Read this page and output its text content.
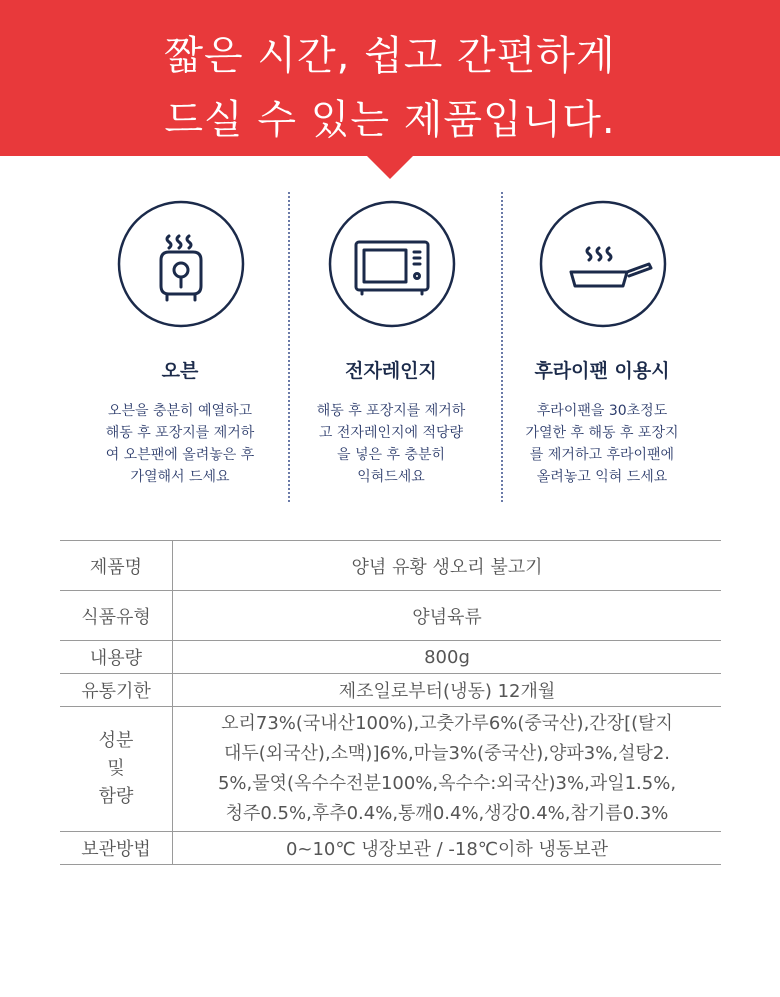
짧은 시간, 쉽고 간편하게
드실 수 있는 제품입니다.
오븐
오븐을 충분히 예열하고
해동 후 포장지를 제거하
여 오븐팬에 올려놓은 후
가열해서 드세요
전자레인지
해동 후 포장지를 제거하
고 전자레인지에 적당량
을 넣은 후 충분히
익혀드세요
후라이팬 이용시
후라이팬을 30초정도
가열한 후 해동 후 포장지
를 제거하고 후라이팬에
올려놓고 익혀 드세요
제품명	양념 유황 생오리 불고기
식품유형	양념육류
내용량	800g
유통기한	제조일로부터(냉동) 12개월

성분
및
함량	오리73%(국내산100%),고춧가루6%(중국산),간장[(탈지
대두(외국산),소맥)]6%,마늘3%(중국산),양파3%,설탕2.
5%,물엿(옥수수전분100%,옥수수:외국산)3%,과일1.5%,
청주0.5%,후추0.4%,통깨0.4%,생강0.4%,참기름0.3%

보관방법	0~10℃ 냉장보관 / -18℃이하 냉동보관
